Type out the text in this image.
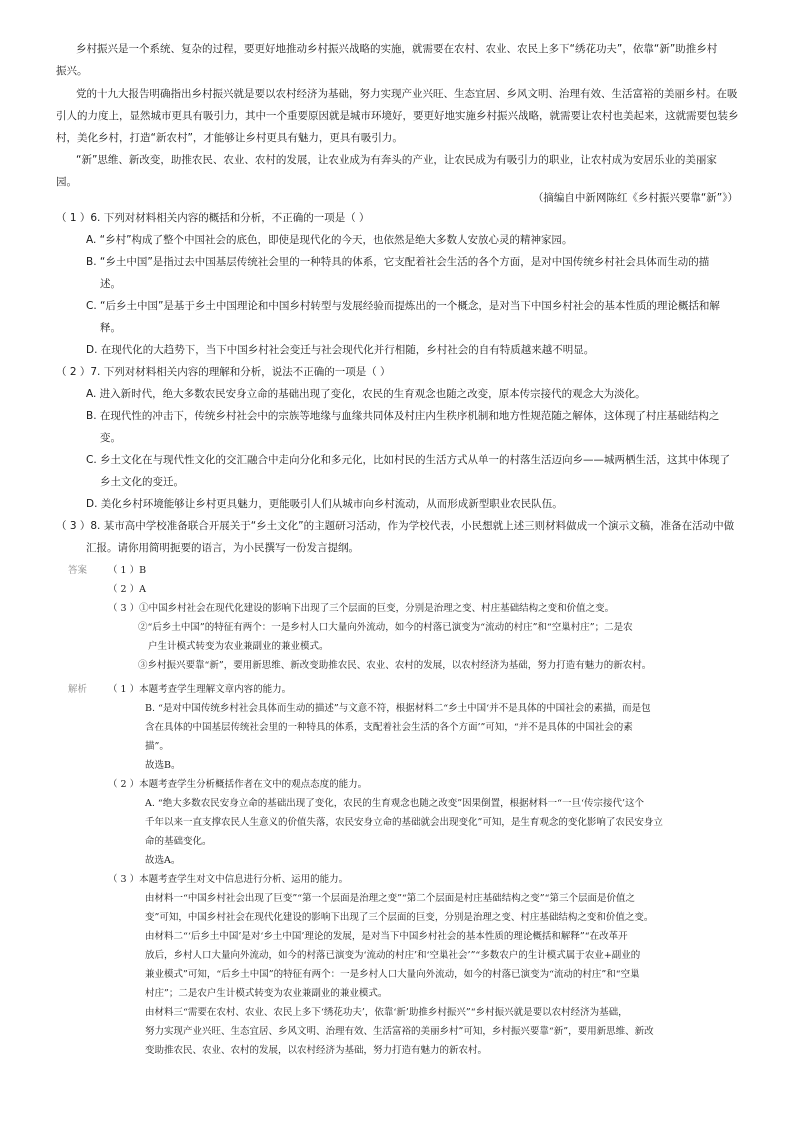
乡村振兴是一个系统、复杂的过程，要更好地推动乡村振兴战略的实施，就需要在农村、农业、农民上多下“绣花功夫”，依靠“新”助推乡村

振兴。

党的十九大报告明确指出乡村振兴就是要以农村经济为基础，努力实现产业兴旺、生态宜居、乡风文明、治理有效、生活富裕的美丽乡村。在吸

引人的力度上，显然城市更具有吸引力，其中一个重要原因就是城市环境好，要更好地实施乡村振兴战略，就需要让农村也美起来，这就需要包装乡

村，美化乡村，打造“新农村”，才能够让乡村更具有魅力，更具有吸引力。

“新”思维、新改变，助推农民、农业、农村的发展，让农业成为有奔头的产业，让农民成为有吸引力的职业，让农村成为安居乐业的美丽家

园。

（摘编自中新网陈红《乡村振兴要靠“新”》）

（ 1 ）6. 下列对材料相关内容的概括和分析，不正确的一项是（ ）

A. “乡村”构成了整个中国社会的底色，即使是现代化的今天，也依然是绝大多数人安放心灵的精神家园。

B. “乡土中国”是指过去中国基层传统社会里的一种特具的体系，它支配着社会生活的各个方面，是对中国传统乡村社会具体而生动的描

述。

C. “后乡土中国”是基于乡土中国理论和中国乡村转型与发展经验而提炼出的一个概念，是对当下中国乡村社会的基本性质的理论概括和解

释。

D. 在现代化的大趋势下，当下中国乡村社会变迁与社会现代化并行相随，乡村社会的自有特质越来越不明显。

（ 2 ）7. 下列对材料相关内容的理解和分析，说法不正确的一项是（ ）

A. 进入新时代，绝大多数农民安身立命的基础出现了变化，农民的生育观念也随之改变，原本传宗接代的观念大为淡化。

B. 在现代性的冲击下，传统乡村社会中的宗族等地缘与血缘共同体及村庄内生秩序机制和地方性规范随之解体，这体现了村庄基础结构之

变。

C. 乡土文化在与现代性文化的交汇融合中走向分化和多元化，比如村民的生活方式从单一的村落生活迈向乡——城两栖生活，这其中体现了

乡土文化的变迁。

D. 美化乡村环境能够让乡村更具魅力，更能吸引人们从城市向乡村流动，从而形成新型职业农民队伍。

（ 3 ）8. 某市高中学校准备联合开展关于“乡土文化”的主题研习活动，作为学校代表，小民想就上述三则材料做成一个演示文稿，准备在活动中做

汇报。请你用简明扼要的语言，为小民撰写一份发言提纲。

答案 （ 1 ）B

（ 2 ）A

（ 3 ）①中国乡村社会在现代化建设的影响下出现了三个层面的巨变，分别是治理之变、村庄基础结构之变和价值之变。

②“后乡土中国”的特征有两个：一是乡村人口大量向外流动，如今的村落已演变为“流动的村庄”和“空巢村庄”；二是农

户生计模式转变为农业兼副业的兼业模式。

③乡村振兴要靠“新”，要用新思维、新改变助推农民、农业、农村的发展，以农村经济为基础，努力打造有魅力的新农村。

解析 （ 1 ）本题考查学生理解文章内容的能力。

B. “是对中国传统乡村社会具体而生动的描述”与文意不符，根据材料二“乡土中国‘并不是具体的中国社会的素描，而是包

含在具体的中国基层传统社会里的一种特具的体系，支配着社会生活的各个方面’”可知，“并不是具体的中国社会的素

描”。

故选B。

（ 2 ）本题考查学生分析概括作者在文中的观点态度的能力。

A. “绝大多数农民安身立命的基础出现了变化，农民的生育观念也随之改变”因果倒置，根据材料一“一旦‘传宗接代’这个

千年以来一直支撑农民人生意义的价值失落，农民安身立命的基础就会出现变化”可知，是生育观念的变化影响了农民安身立

命的基础变化。

故选A。

（ 3 ）本题考查学生对文中信息进行分析、运用的能力。

由材料一“中国乡村社会出现了巨变”“第一个层面是治理之变”“第二个层面是村庄基础结构之变”“第三个层面是价值之

变”可知，中国乡村社会在现代化建设的影响下出现了三个层面的巨变，分别是治理之变、村庄基础结构之变和价值之变。

由材料二“‘后乡土中国’是对‘乡土中国’理论的发展，是对当下中国乡村社会的基本性质的理论概括和解释”“在改革开

放后，乡村人口大量向外流动，如今的村落已演变为‘流动的村庄’和‘空巢社会’”“多数农户的生计模式属于农业+副业的

兼业模式”可知，“后乡土中国”的特征有两个：一是乡村人口大量向外流动，如今的村落已演变为“流动的村庄”和“空巢

村庄”；二是农户生计模式转变为农业兼副业的兼业模式。

由材料三“需要在农村、农业、农民上多下‘绣花功夫’，依靠‘新’助推乡村振兴”“乡村振兴就是要以农村经济为基础，

努力实现产业兴旺、生态宜居、乡风文明、治理有效、生活富裕的美丽乡村”可知，乡村振兴要靠“新”，要用新思维、新改

变助推农民、农业、农村的发展，以农村经济为基础，努力打造有魅力的新农村。
